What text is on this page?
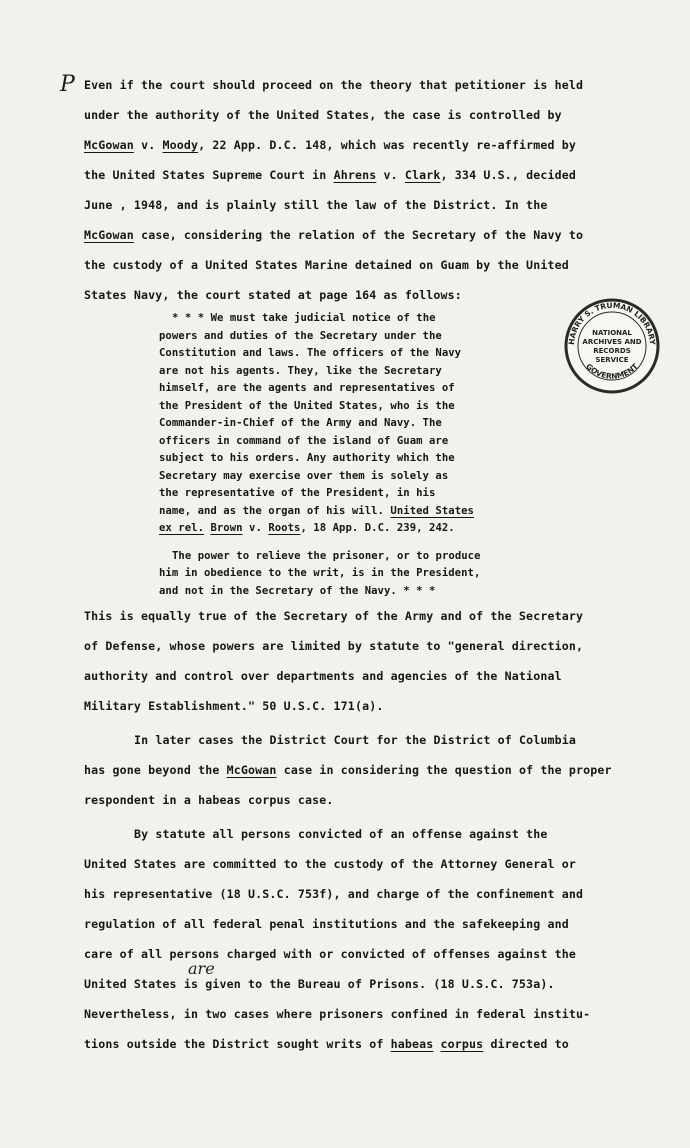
P Even if the court should proceed on the theory that petitioner is held
under the authority of the United States, the case is controlled by
McGowan v. Moody, 22 App. D.C. 148, which was recently re-affirmed by
the United States Supreme Court in Ahrens v. Clark, 334 U.S., decided
June , 1948, and is plainly still the law of the District. In the
McGowan case, considering the relation of the Secretary of the Navy to
the custody of a United States Marine detained on Guam by the United
States Navy, the court stated at page 164 as follows:
* * * We must take judicial notice of the
powers and duties of the Secretary under the
Constitution and laws. The officers of the Navy
are not his agents. They, like the Secretary
himself, are the agents and representatives of
the President of the United States, who is the
Commander-in-Chief of the Army and Navy. The
officers in command of the island of Guam are
subject to his orders. Any authority which the
Secretary may exercise over them is solely as
the representative of the President, in his
name, and as the organ of his will. United States
ex rel. Brown v. Roots, 18 App. D.C. 239, 242.
The power to relieve the prisoner, or to produce
him in obedience to the writ, is in the President,
and not in the Secretary of the Navy. * * *
This is equally true of the Secretary of the Army and of the Secretary
of Defense, whose powers are limited by statute to "general direction,
authority and control over departments and agencies of the National
Military Establishment." 50 U.S.C. 171(a).
In later cases the District Court for the District of Columbia
has gone beyond the McGowan case in considering the question of the proper
respondent in a habeas corpus case.
By statute all persons convicted of an offense against the
United States are committed to the custody of the Attorney General or
his representative (18 U.S.C. 753f), and charge of the confinement and
regulation of all federal penal institutions and the safekeeping and
care of all persons charged with or convicted of offenses against the
United States is given to the Bureau of Prisons. (18 U.S.C. 753a).
Nevertheless, in two cases where prisoners confined in federal institu-
tions outside the District sought writs of habeas corpus directed to
are
HARRY S. TRUMAN LIBRARY
GOVERNMENT
NATIONAL
ARCHIVES AND
RECORDS
SERVICE
